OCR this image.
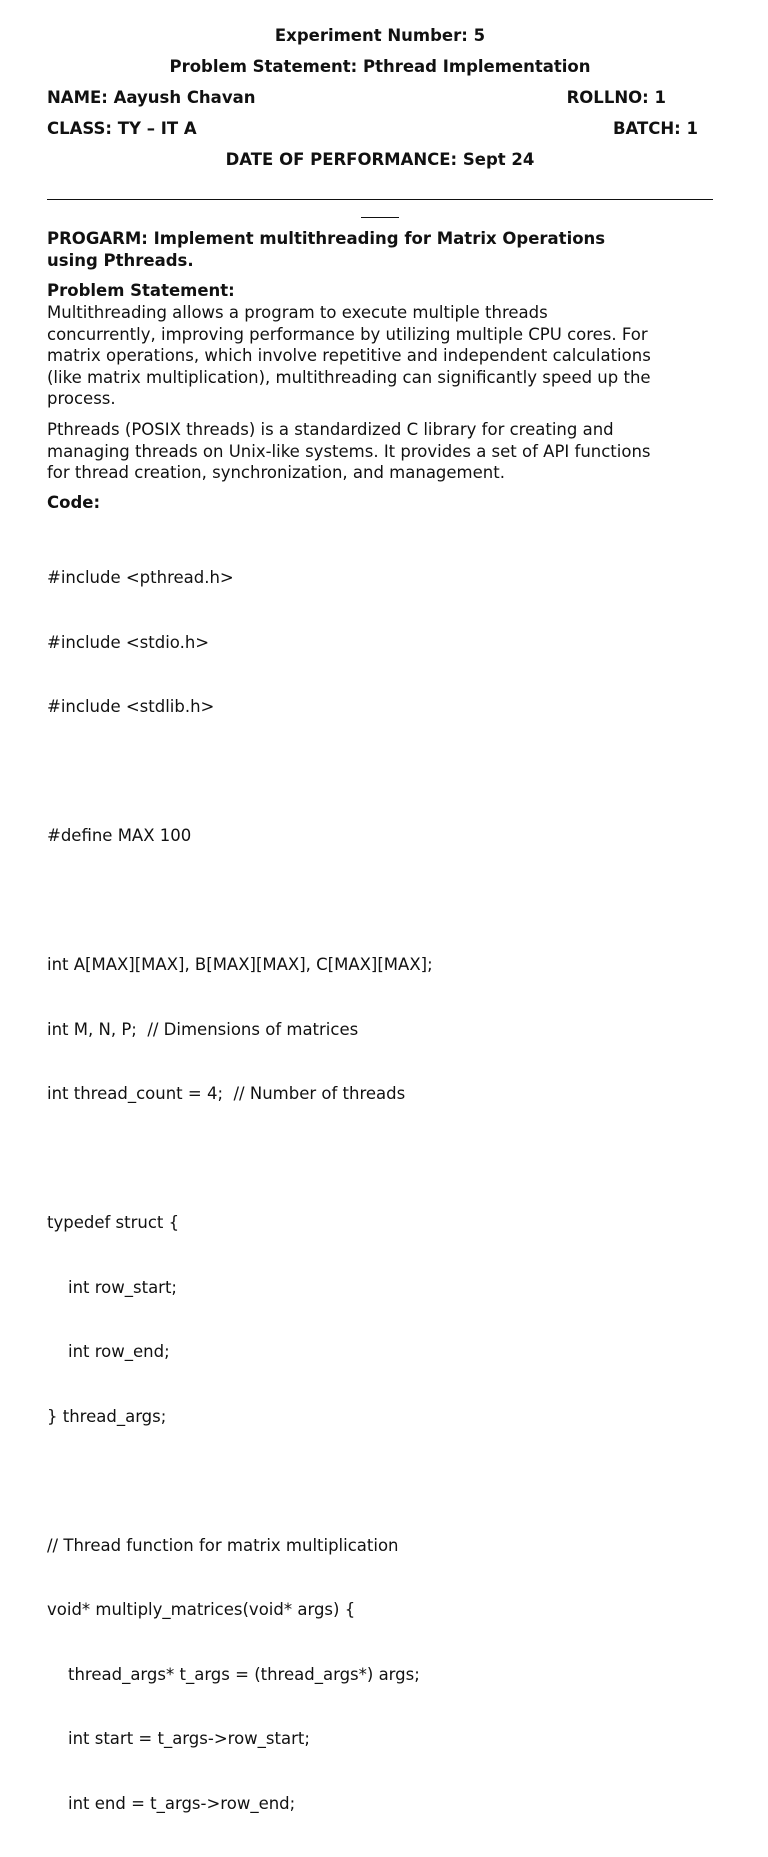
Experiment Number: 5
Problem Statement: Pthread Implementation
NAME: Aayush Chavan	ROLLNO: 1
CLASS: TY – IT A	BATCH: 1
DATE OF PERFORMANCE: Sept 24
PROGARM: Implement multithreading for Matrix Operations
using Pthreads.
Problem Statement:
Multithreading allows a program to execute multiple threads
concurrently, improving performance by utilizing multiple CPU cores. For
matrix operations, which involve repetitive and independent calculations
(like matrix multiplication), multithreading can significantly speed up the
process.
Pthreads (POSIX threads) is a standardized C library for creating and
managing threads on Unix-like systems. It provides a set of API functions
for thread creation, synchronization, and management.
Code:

#include <pthread.h>

#include <stdio.h>

#include <stdlib.h>

#define MAX 100

int A[MAX][MAX], B[MAX][MAX], C[MAX][MAX];

int M, N, P;  // Dimensions of matrices

int thread_count = 4;  // Number of threads

typedef struct {

int row_start;

int row_end;

} thread_args;

// Thread function for matrix multiplication

void* multiply_matrices(void* args) {

thread_args* t_args = (thread_args*) args;

int start = t_args->row_start;

int end = t_args->row_end;
